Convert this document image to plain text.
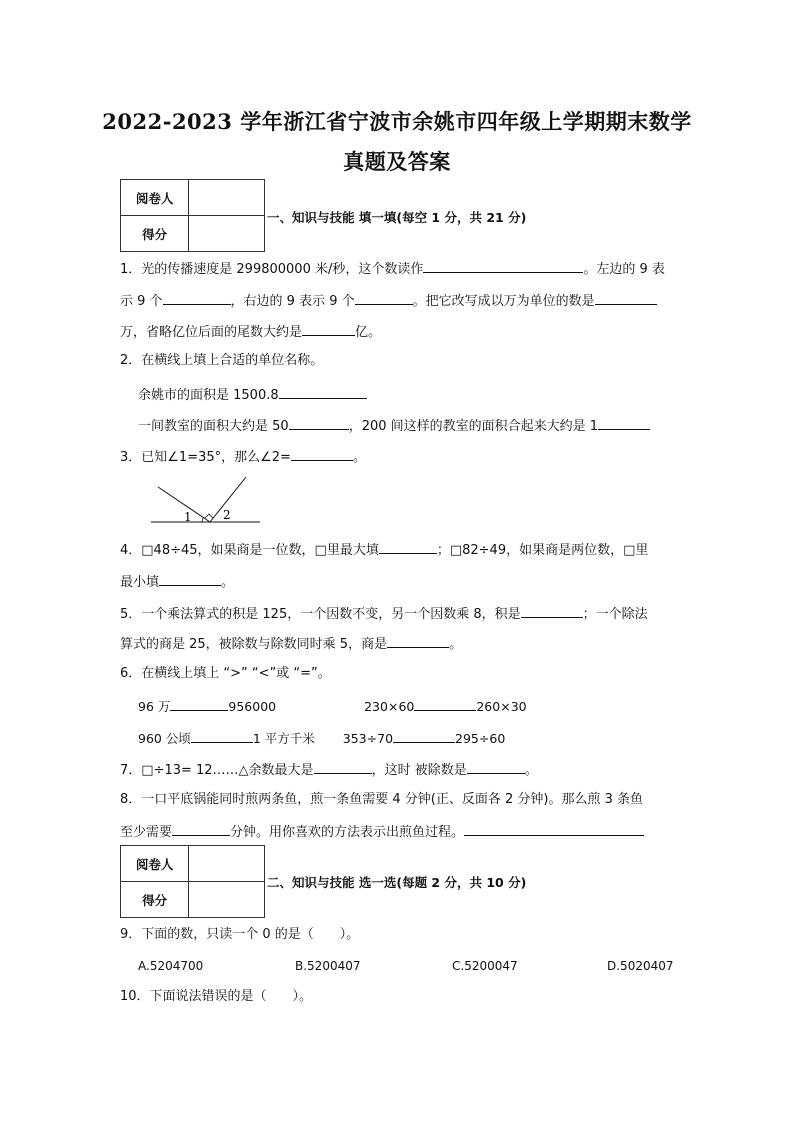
2022-2023 学年浙江省宁波市余姚市四年级上学期期末数学
真题及答案
阅卷人	
得分	
一、知识与技能 填一填(每空 1 分，共 21 分)
1．光的传播速度是 299800000 米/秒，这个数读作	。左边的 9 表
示 9 个	，右边的 9 表示 9 个	。把它改写成以万为单位的数是
万，省略亿位后面的尾数大约是	亿。
2．在横线上填上合适的单位名称。
余姚市的面积是 1500.8
一间教室的面积大约是 50	，200 间这样的教室的面积合起来大约是 1
3．已知∠1=35°，那么∠2=	。
1	2
4．□48÷45，如果商是一位数，□里最大填	；□82÷49，如果商是两位数，□里
最小填	。
5．一个乘法算式的积是 125，一个因数不变，另一个因数乘 8，积是	；一个除法
算式的商是 25，被除数与除数同时乘 5，商是	。
6．在横线上填上 “>” “<”或 “=”。
96 万	956000	230×60	260×30
960 公顷	1 平方千米 353÷70	295÷60
7．□÷13= 12……△余数最大是	，这时 被除数是	。
8．一口平底锅能同时煎两条鱼，煎一条鱼需要 4 分钟(正、反面各 2 分钟)。那么煎 3 条鱼
至少需要	分钟。用你喜欢的方法表示出煎鱼过程。
阅卷人	
得分	
二、知识与技能 选一选(每题 2 分，共 10 分)
9．下面的数，只读一个 0 的是（　　）。
A.5204700	B.5200407	C.5200047	D.5020407
10．下面说法错误的是（　　）。
